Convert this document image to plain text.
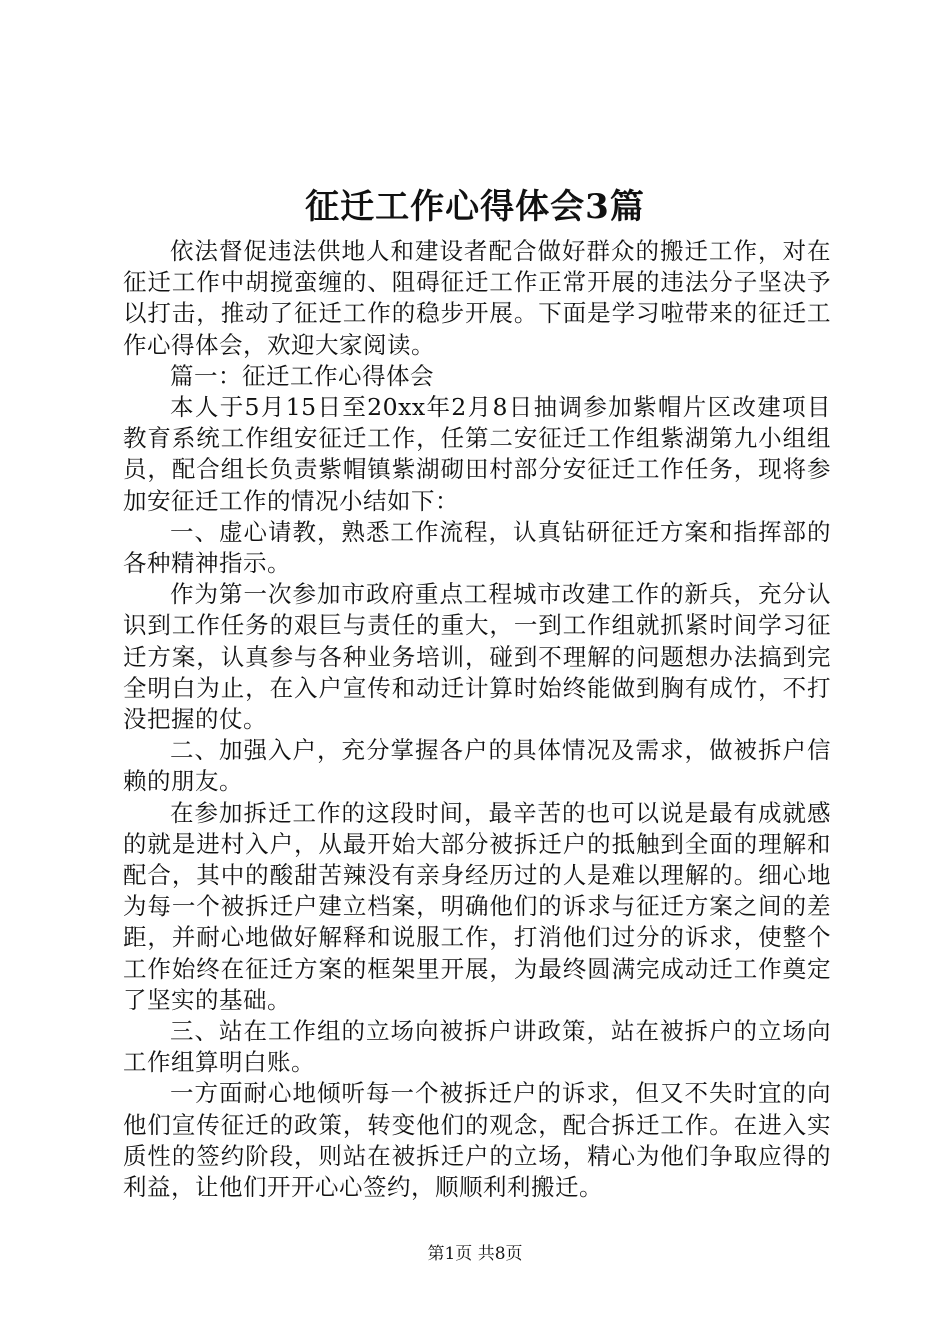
征迁工作心得体会3篇

依法督促违法供地人和建设者配合做好群众的搬迁工作，对在征迁工作中胡搅蛮缠的、阻碍征迁工作正常开展的违法分子坚决予以打击，推动了征迁工作的稳步开展。下面是学习啦带来的征迁工作心得体会，欢迎大家阅读。

篇一：征迁工作心得体会

本人于5月15日至20xx年2月8日抽调参加紫帽片区改建项目教育系统工作组安征迁工作，任第二安征迁工作组紫湖第九小组组员，配合组长负责紫帽镇紫湖砌田村部分安征迁工作任务，现将参加安征迁工作的情况小结如下：

一、虚心请教，熟悉工作流程，认真钻研征迁方案和指挥部的各种精神指示。

作为第一次参加市政府重点工程城市改建工作的新兵，充分认识到工作任务的艰巨与责任的重大，一到工作组就抓紧时间学习征迁方案，认真参与各种业务培训，碰到不理解的问题想办法搞到完全明白为止，在入户宣传和动迁计算时始终能做到胸有成竹，不打没把握的仗。

二、加强入户，充分掌握各户的具体情况及需求，做被拆户信赖的朋友。

在参加拆迁工作的这段时间，最辛苦的也可以说是最有成就感的就是进村入户，从最开始大部分被拆迁户的抵触到全面的理解和配合，其中的酸甜苦辣没有亲身经历过的人是难以理解的。细心地为每一个被拆迁户建立档案，明确他们的诉求与征迁方案之间的差距，并耐心地做好解释和说服工作，打消他们过分的诉求，使整个工作始终在征迁方案的框架里开展，为最终圆满完成动迁工作奠定了坚实的基础。

三、站在工作组的立场向被拆户讲政策，站在被拆户的立场向工作组算明白账。

一方面耐心地倾听每一个被拆迁户的诉求，但又不失时宜的向他们宣传征迁的政策，转变他们的观念，配合拆迁工作。在进入实质性的签约阶段，则站在被拆迁户的立场，精心为他们争取应得的利益，让他们开开心心签约，顺顺利利搬迁。

第1页 共8页
